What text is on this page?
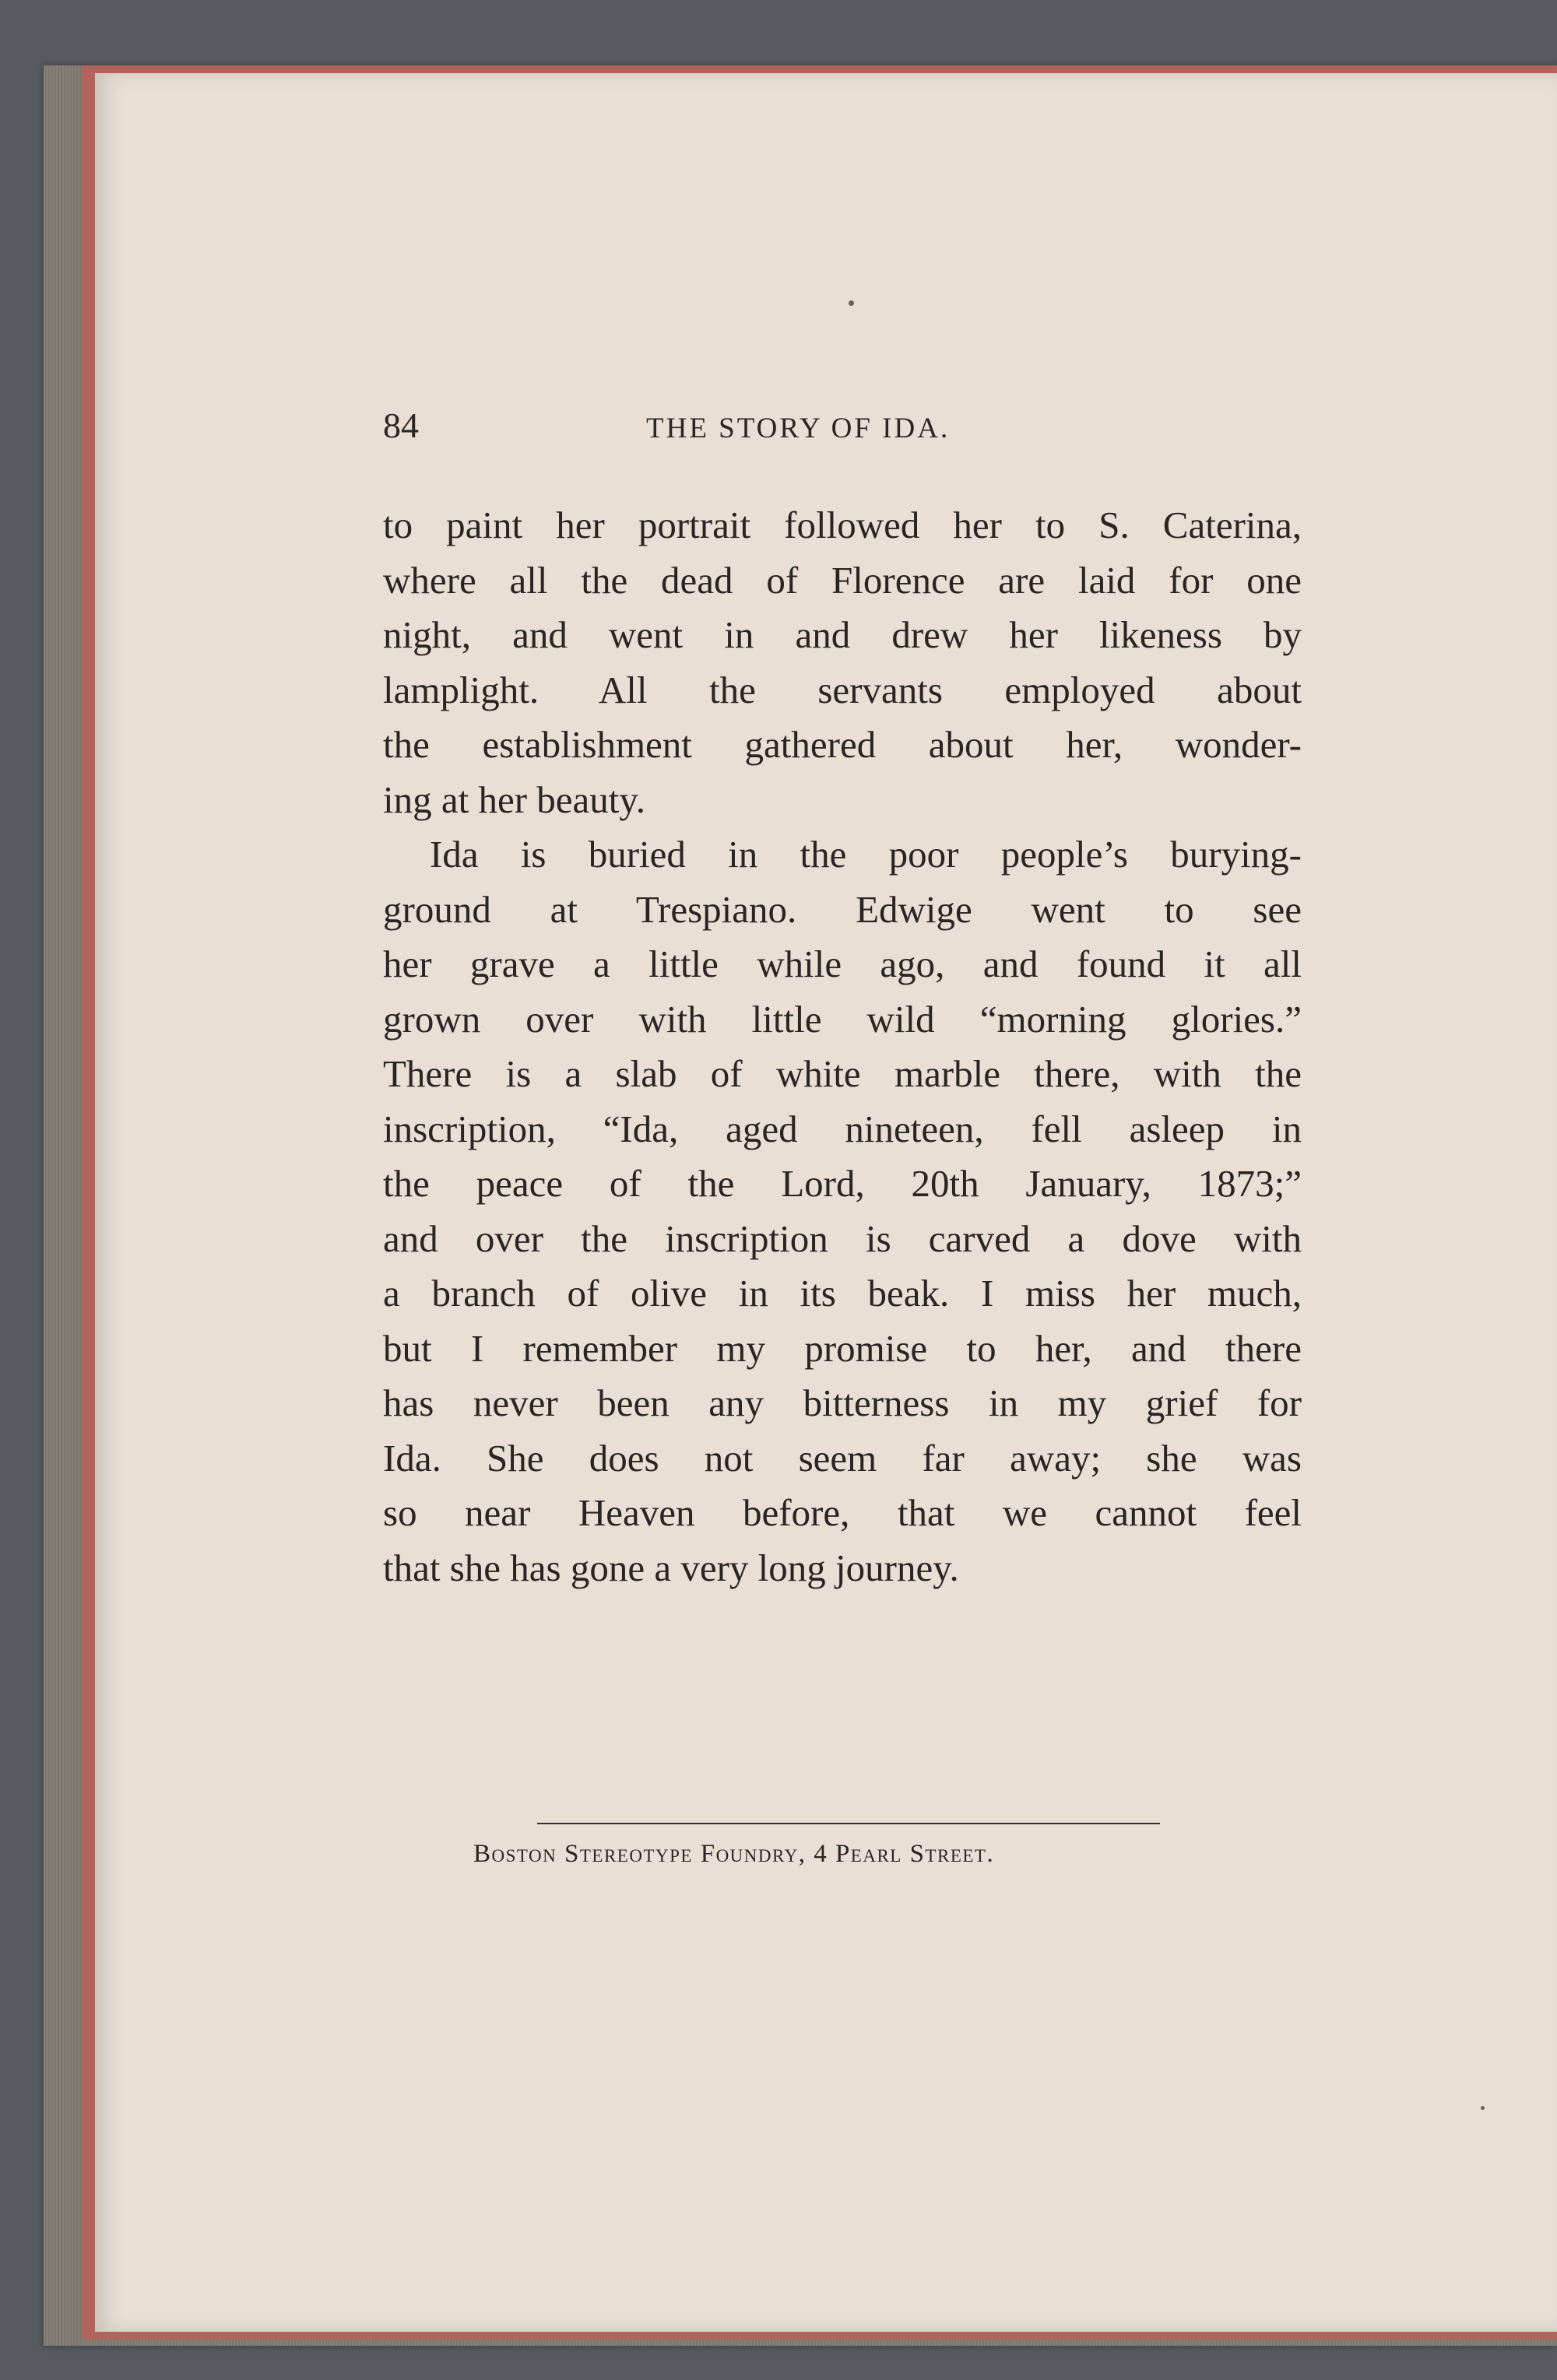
84	THE STORY OF IDA.
to paint her portrait followed her to S. Caterina,
where all the dead of Florence are laid for one
night, and went in and drew her likeness by
lamplight. All the servants employed about
the establishment gathered about her, wonder-
ing at her beauty.
Ida is buried in the poor people’s burying-
ground at Trespiano. Edwige went to see
her grave a little while ago, and found it all
grown over with little wild “morning glories.”
There is a slab of white marble there, with the
inscription, “Ida, aged nineteen, fell asleep in
the peace of the Lord, 20th January, 1873;”
and over the inscription is carved a dove with
a branch of olive in its beak. I miss her much,
but I remember my promise to her, and there
has never been any bitterness in my grief for
Ida. She does not seem far away; she was
so near Heaven before, that we cannot feel
that she has gone a very long journey.
Boston Stereotype Foundry, 4 Pearl Street.
